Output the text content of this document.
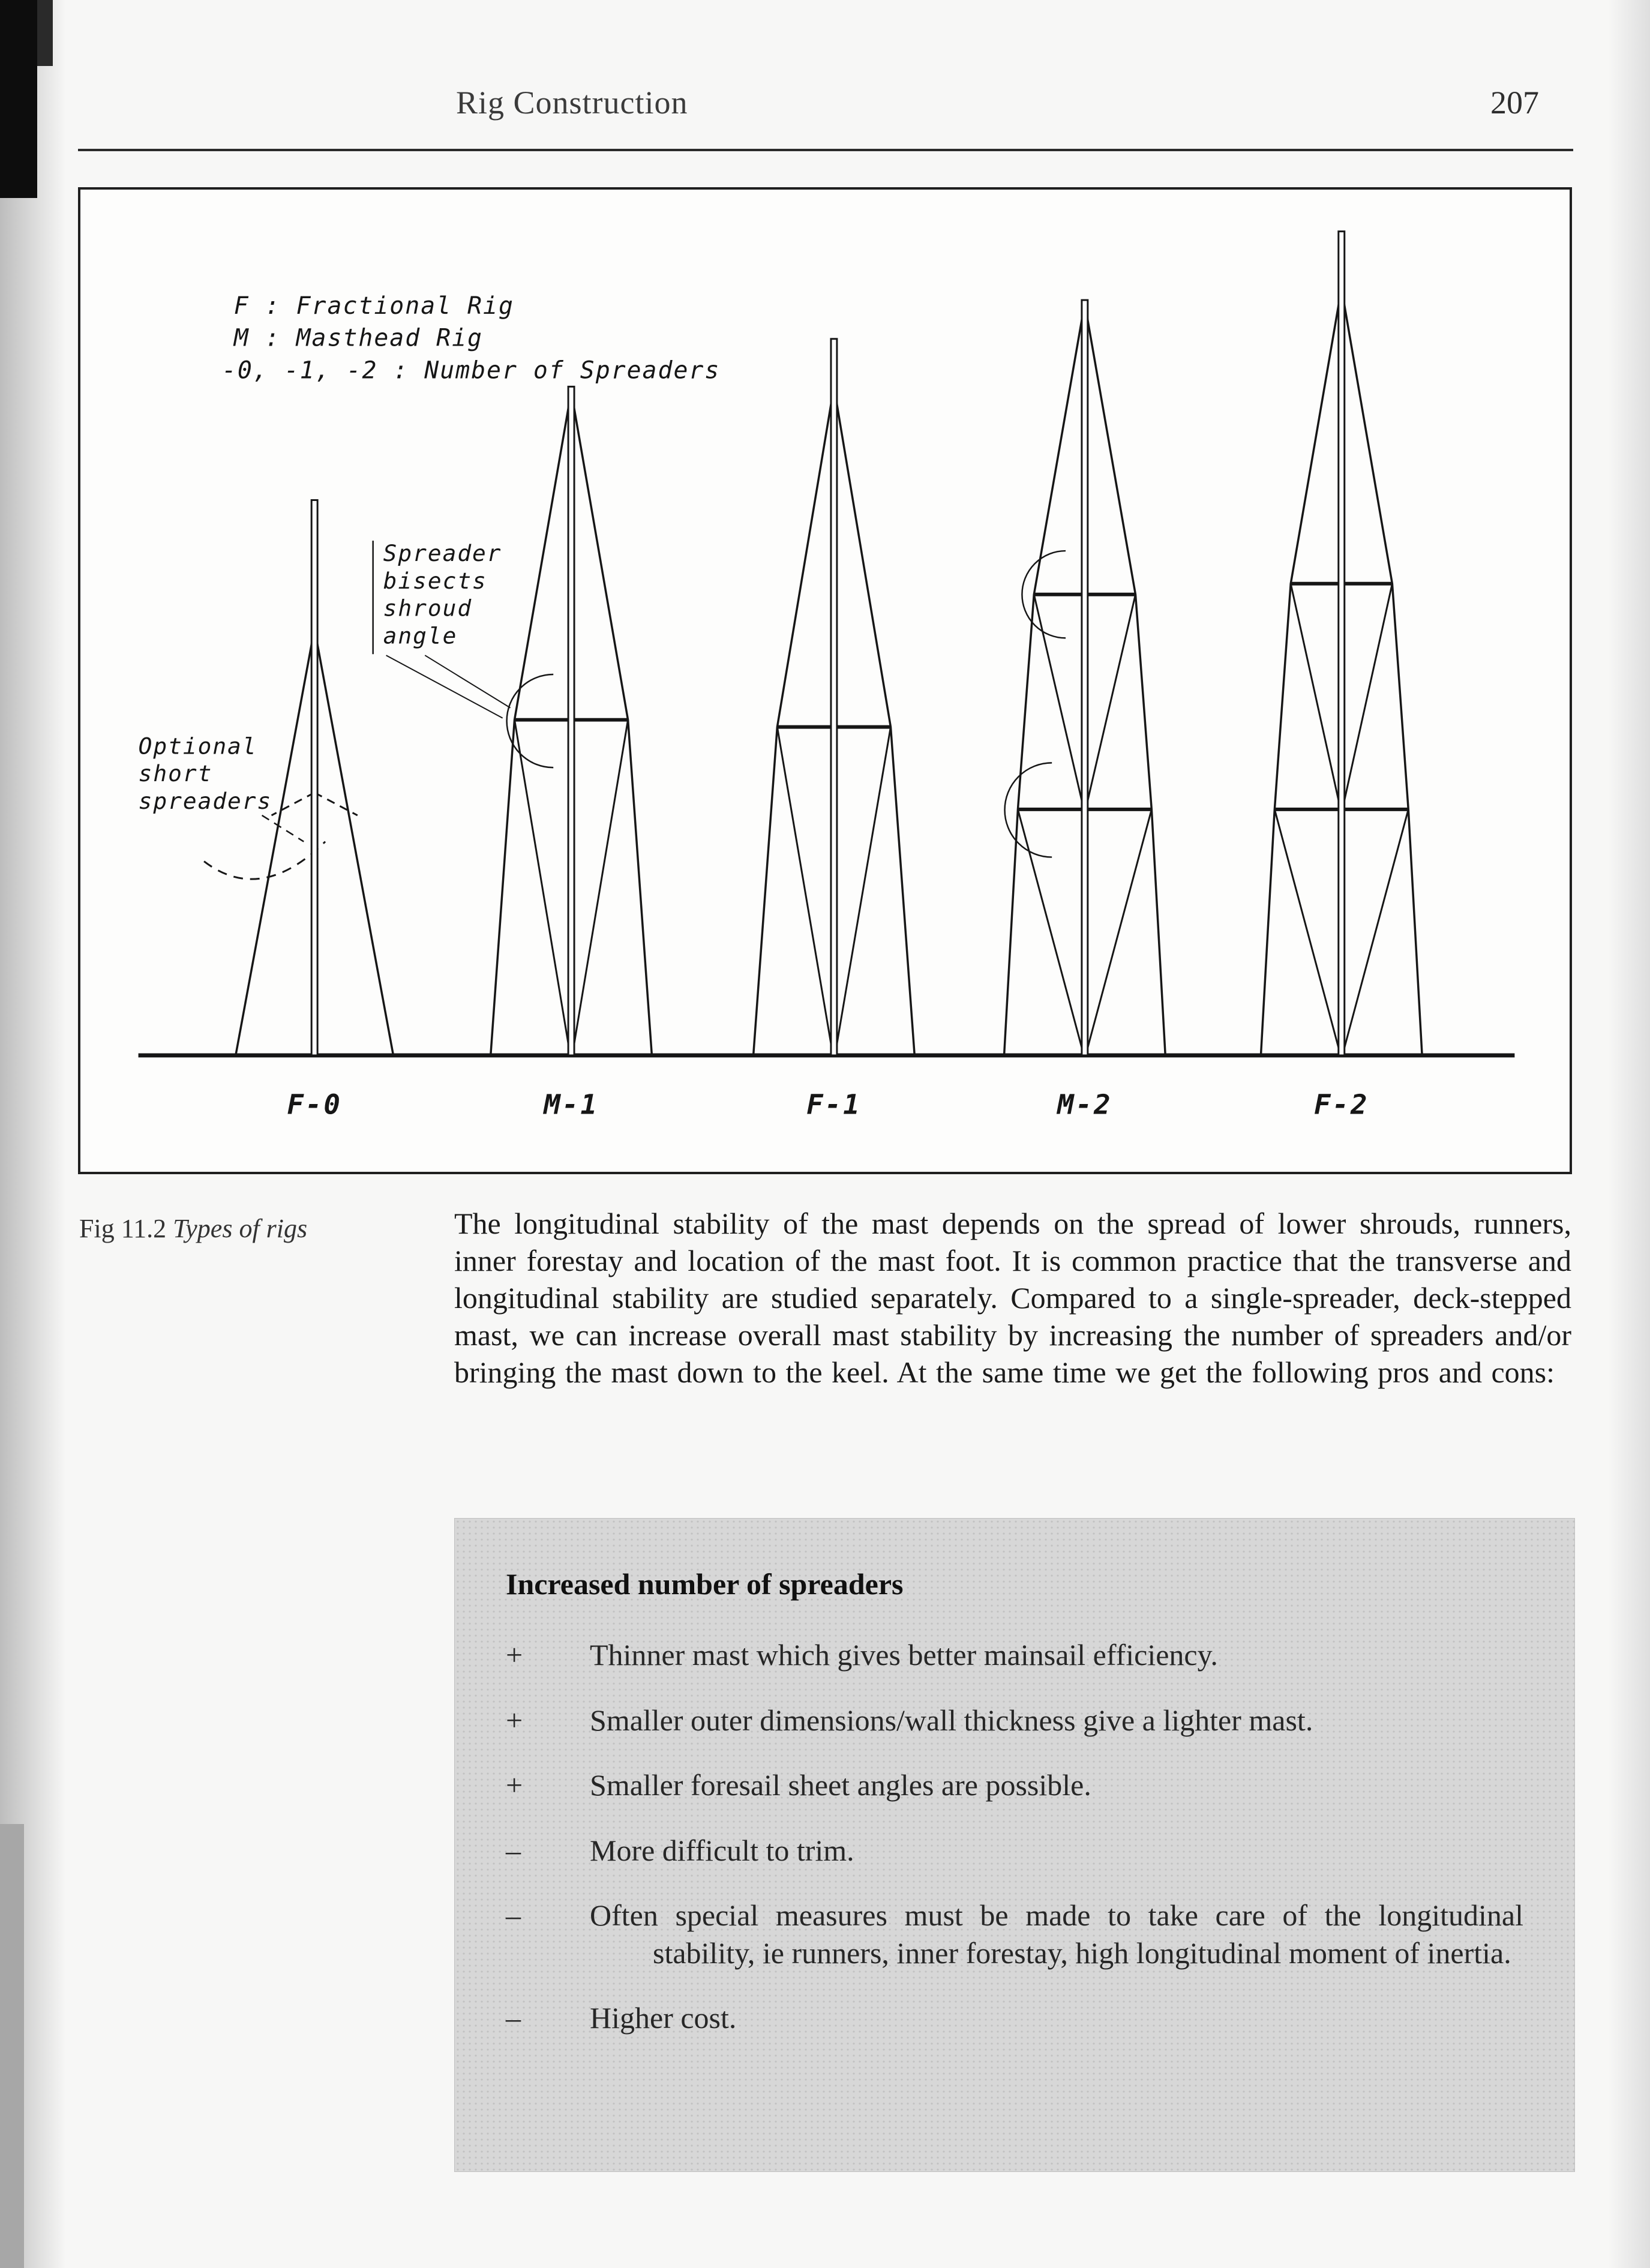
Rig Construction	207
F : Fractional Rig
M : Masthead Rig
-0, -1, -2 : Number of Spreaders
Spreader
bisects
shroud
angle
Optional
short
spreaders
F-0	M-1	F-1	M-2	F-2
Fig 11.2 Types of rigs	The longitudinal stability of the mast depends on the spread of lower shrouds, runners, inner forestay and location of the mast foot. It is common practice that the transverse and longitudinal stability are studied separately. Compared to a single-spreader, deck-stepped mast, we can increase overall mast stability by increasing the number of spreaders and/or bringing the mast down to the keel. At the same time we get the following pros and cons:
Increased number of spreaders
+	Thinner mast which gives better mainsail efficiency.
+	Smaller outer dimensions/wall thickness give a lighter mast.
+	Smaller foresail sheet angles are possible.
–	More difficult to trim.
–	Often special measures must be made to take care of the longitudinal stability, ie runners, inner forestay, high longitudinal moment of inertia.
–	Higher cost.
